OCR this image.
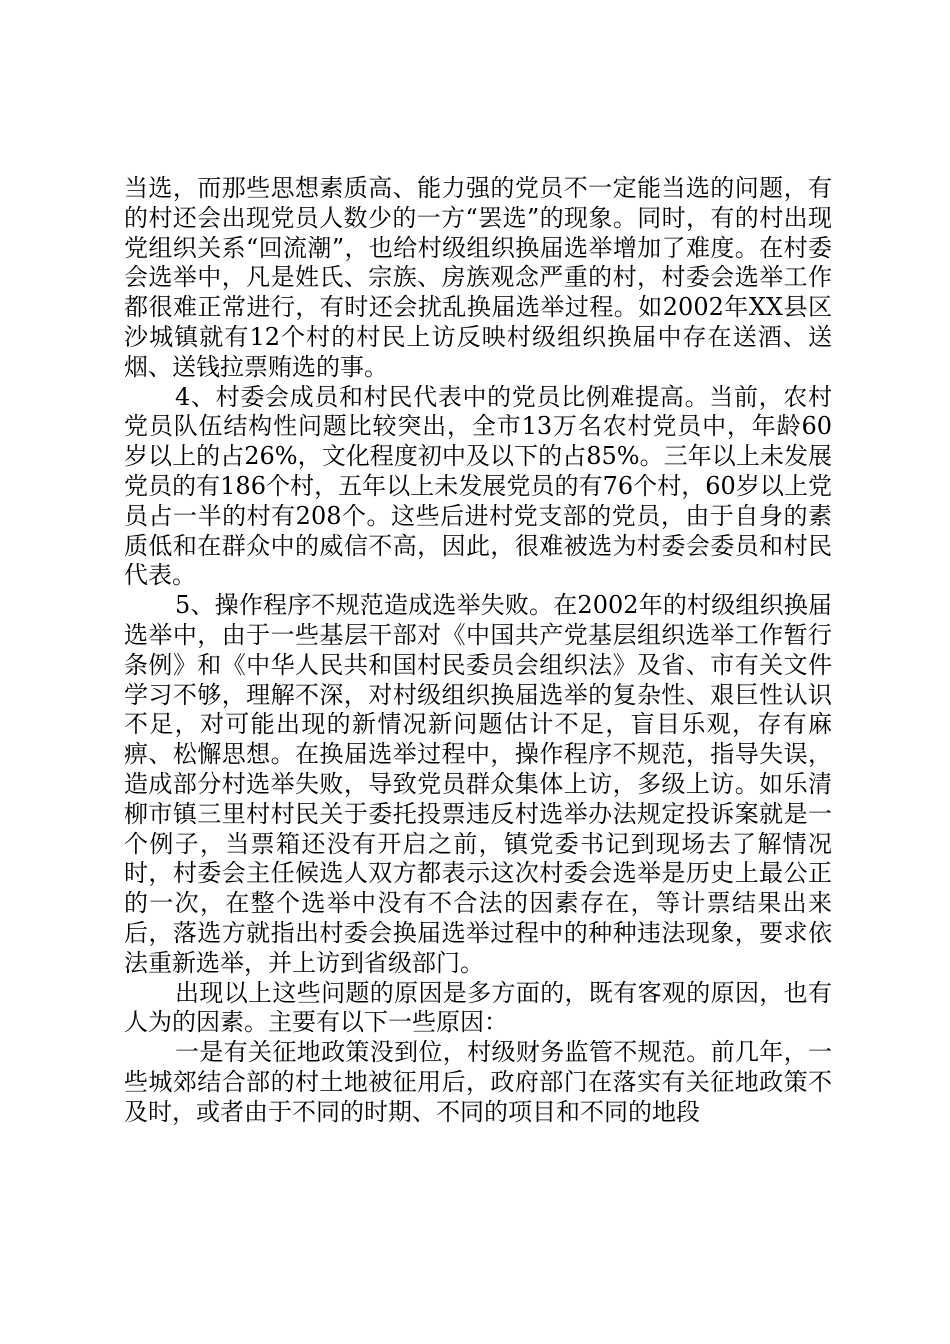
当选，而那些思想素质高、能力强的党员不一定能当选的问题，有的村还会出现党员人数少的一方“罢选”的现象。同时，有的村出现党组织关系“回流潮”，也给村级组织换届选举增加了难度。在村委会选举中，凡是姓氏、宗族、房族观念严重的村，村委会选举工作都很难正常进行，有时还会扰乱换届选举过程。如2002年XX县区沙城镇就有12个村的村民上访反映村级组织换届中存在送酒、送烟、送钱拉票贿选的事。

4、村委会成员和村民代表中的党员比例难提高。当前，农村党员队伍结构性问题比较突出，全市13万名农村党员中，年龄60岁以上的占26%，文化程度初中及以下的占85%。三年以上未发展党员的有186个村，五年以上未发展党员的有76个村，60岁以上党员占一半的村有208个。这些后进村党支部的党员，由于自身的素质低和在群众中的威信不高，因此，很难被选为村委会委员和村民代表。

5、操作程序不规范造成选举失败。在2002年的村级组织换届选举中，由于一些基层干部对《中国共产党基层组织选举工作暂行条例》和《中华人民共和国村民委员会组织法》及省、市有关文件学习不够，理解不深，对村级组织换届选举的复杂性、艰巨性认识不足，对可能出现的新情况新问题估计不足，盲目乐观，存有麻痹、松懈思想。在换届选举过程中，操作程序不规范，指导失误，造成部分村选举失败，导致党员群众集体上访，多级上访。如乐清柳市镇三里村村民关于委托投票违反村选举办法规定投诉案就是一个例子，当票箱还没有开启之前，镇党委书记到现场去了解情况时，村委会主任候选人双方都表示这次村委会选举是历史上最公正的一次，在整个选举中没有不合法的因素存在，等计票结果出来后，落选方就指出村委会换届选举过程中的种种违法现象，要求依法重新选举，并上访到省级部门。

出现以上这些问题的原因是多方面的，既有客观的原因，也有人为的因素。主要有以下一些原因：

一是有关征地政策没到位，村级财务监管不规范。前几年，一些城郊结合部的村土地被征用后，政府部门在落实有关征地政策不及时，或者由于不同的时期、不同的项目和不同的地段
